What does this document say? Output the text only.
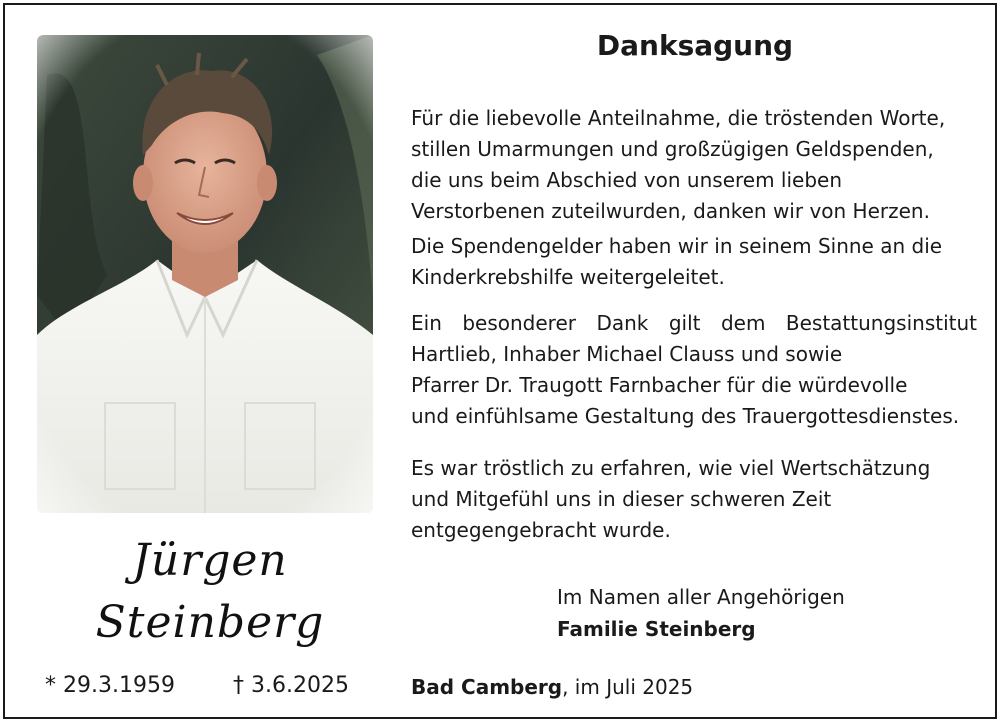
Jürgen
Steinberg
* 29.3.1959	† 3.6.2025
Danksagung
Für die liebevolle Anteilnahme, die tröstenden Worte,
stillen Umarmungen und großzügigen Geldspenden,
die uns beim Abschied von unserem lieben
Verstorbenen zuteilwurden, danken wir von Herzen.
Die Spendengelder haben wir in seinem Sinne an die
Kinderkrebshilfe weitergeleitet.
Ein besonderer Dank gilt dem Bestattungsinstitut
Hartlieb, Inhaber Michael Clauss und sowie
Pfarrer Dr. Traugott Farnbacher für die würdevolle
und einfühlsame Gestaltung des Trauergottesdienstes.
Es war tröstlich zu erfahren, wie viel Wertschätzung
und Mitgefühl uns in dieser schweren Zeit
entgegengebracht wurde.
Im Namen aller Angehörigen
Familie Steinberg
Bad Camberg, im Juli 2025
